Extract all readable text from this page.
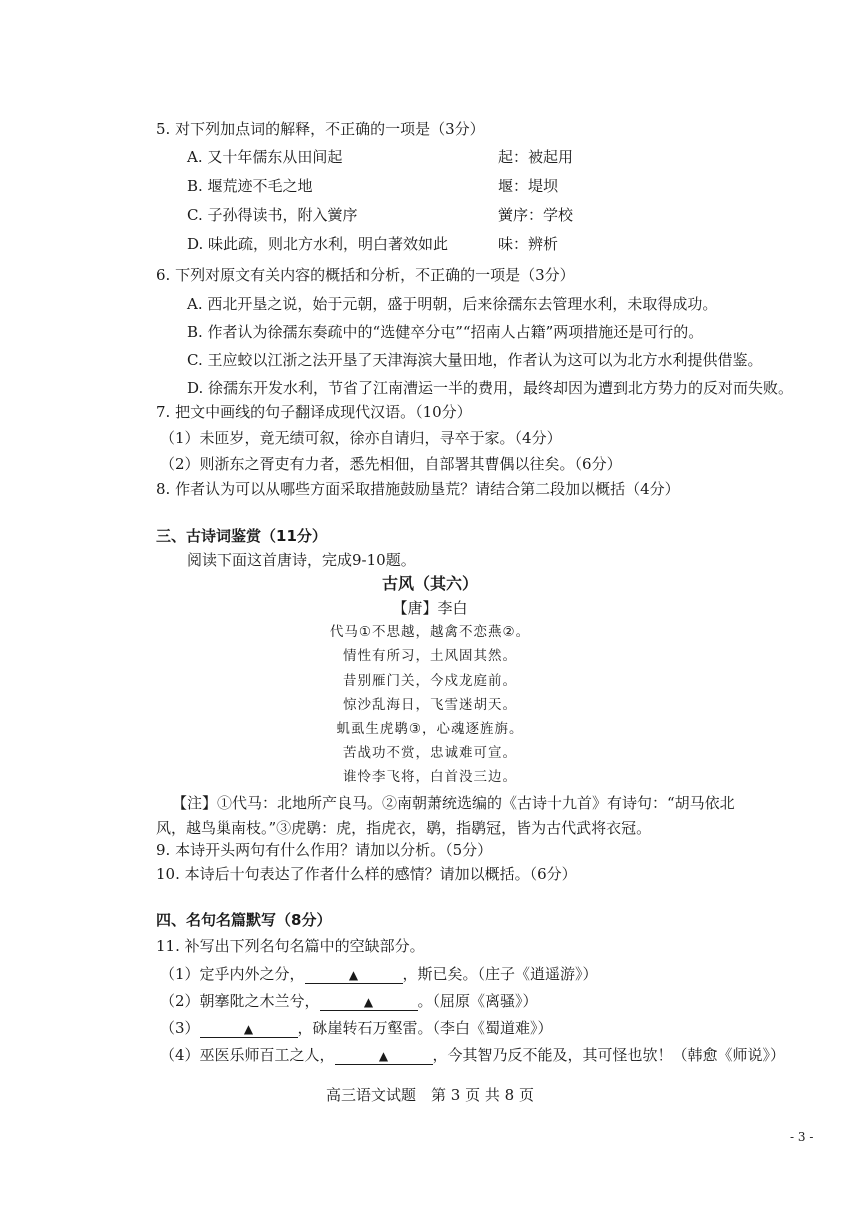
5. 对下列加点词的解释，不正确的一项是（3分）
A. 又十年儒东从田间起	起：被起用
B. 堰荒迹不毛之地	堰：堤坝
C. 子孙得读书，附入黉序	黉序：学校
D. 味此疏，则北方水利，明白著效如此	味：辨析
6. 下列对原文有关内容的概括和分析，不正确的一项是（3分）
A. 西北开垦之说，始于元朝，盛于明朝，后来徐孺东去管理水利，未取得成功。
B. 作者认为徐孺东奏疏中的“选健卒分屯”“招南人占籍”两项措施还是可行的。
C. 王应蛟以江浙之法开垦了天津海滨大量田地，作者认为这可以为北方水利提供借鉴。
D. 徐孺东开发水利，节省了江南漕运一半的费用，最终却因为遭到北方势力的反对而失败。
7. 把文中画线的句子翻译成现代汉语。（10分）
（1）未匝岁，竟无绩可叙，徐亦自请归，寻卒于家。（4分）
（2）则浙东之胥吏有力者，悉先相佃，自部署其曹偶以往矣。（6分）
8. 作者认为可以从哪些方面采取措施鼓励垦荒？请结合第二段加以概括（4分）
三、古诗词鉴赏（11分）
阅读下面这首唐诗，完成9-10题。
古风（其六）
【唐】李白
代马①不思越，越禽不恋燕②。
情性有所习，土风固其然。
昔别雁门关，今戍龙庭前。
惊沙乱海日，飞雪迷胡天。
虮虱生虎鹖③，心魂逐旌旃。
苦战功不赏，忠诚难可宣。
谁怜李飞将，白首没三边。
【注】①代马：北地所产良马。②南朝萧统选编的《古诗十九首》有诗句：“胡马依北
风，越鸟巢南枝。”③虎鹖：虎，指虎衣，鹖，指鹖冠，皆为古代武将衣冠。
9. 本诗开头两句有什么作用？请加以分析。（5分）
10. 本诗后十句表达了作者什么样的感情？请加以概括。（6分）
四、名句名篇默写（8分）
11. 补写出下列名句名篇中的空缺部分。
（1）定乎内外之分，	▲	，斯已矣。（庄子《逍遥游》）
（2）朝搴阰之木兰兮，	▲	。（屈原《离骚》）
（3）	▲	，砯崖转石万壑雷。（李白《蜀道难》）
（4）巫医乐师百工之人，	▲	，今其智乃反不能及，其可怪也欤！（韩愈《师说》）
高三语文试题　第 3 页 共 8 页
- 3 -
